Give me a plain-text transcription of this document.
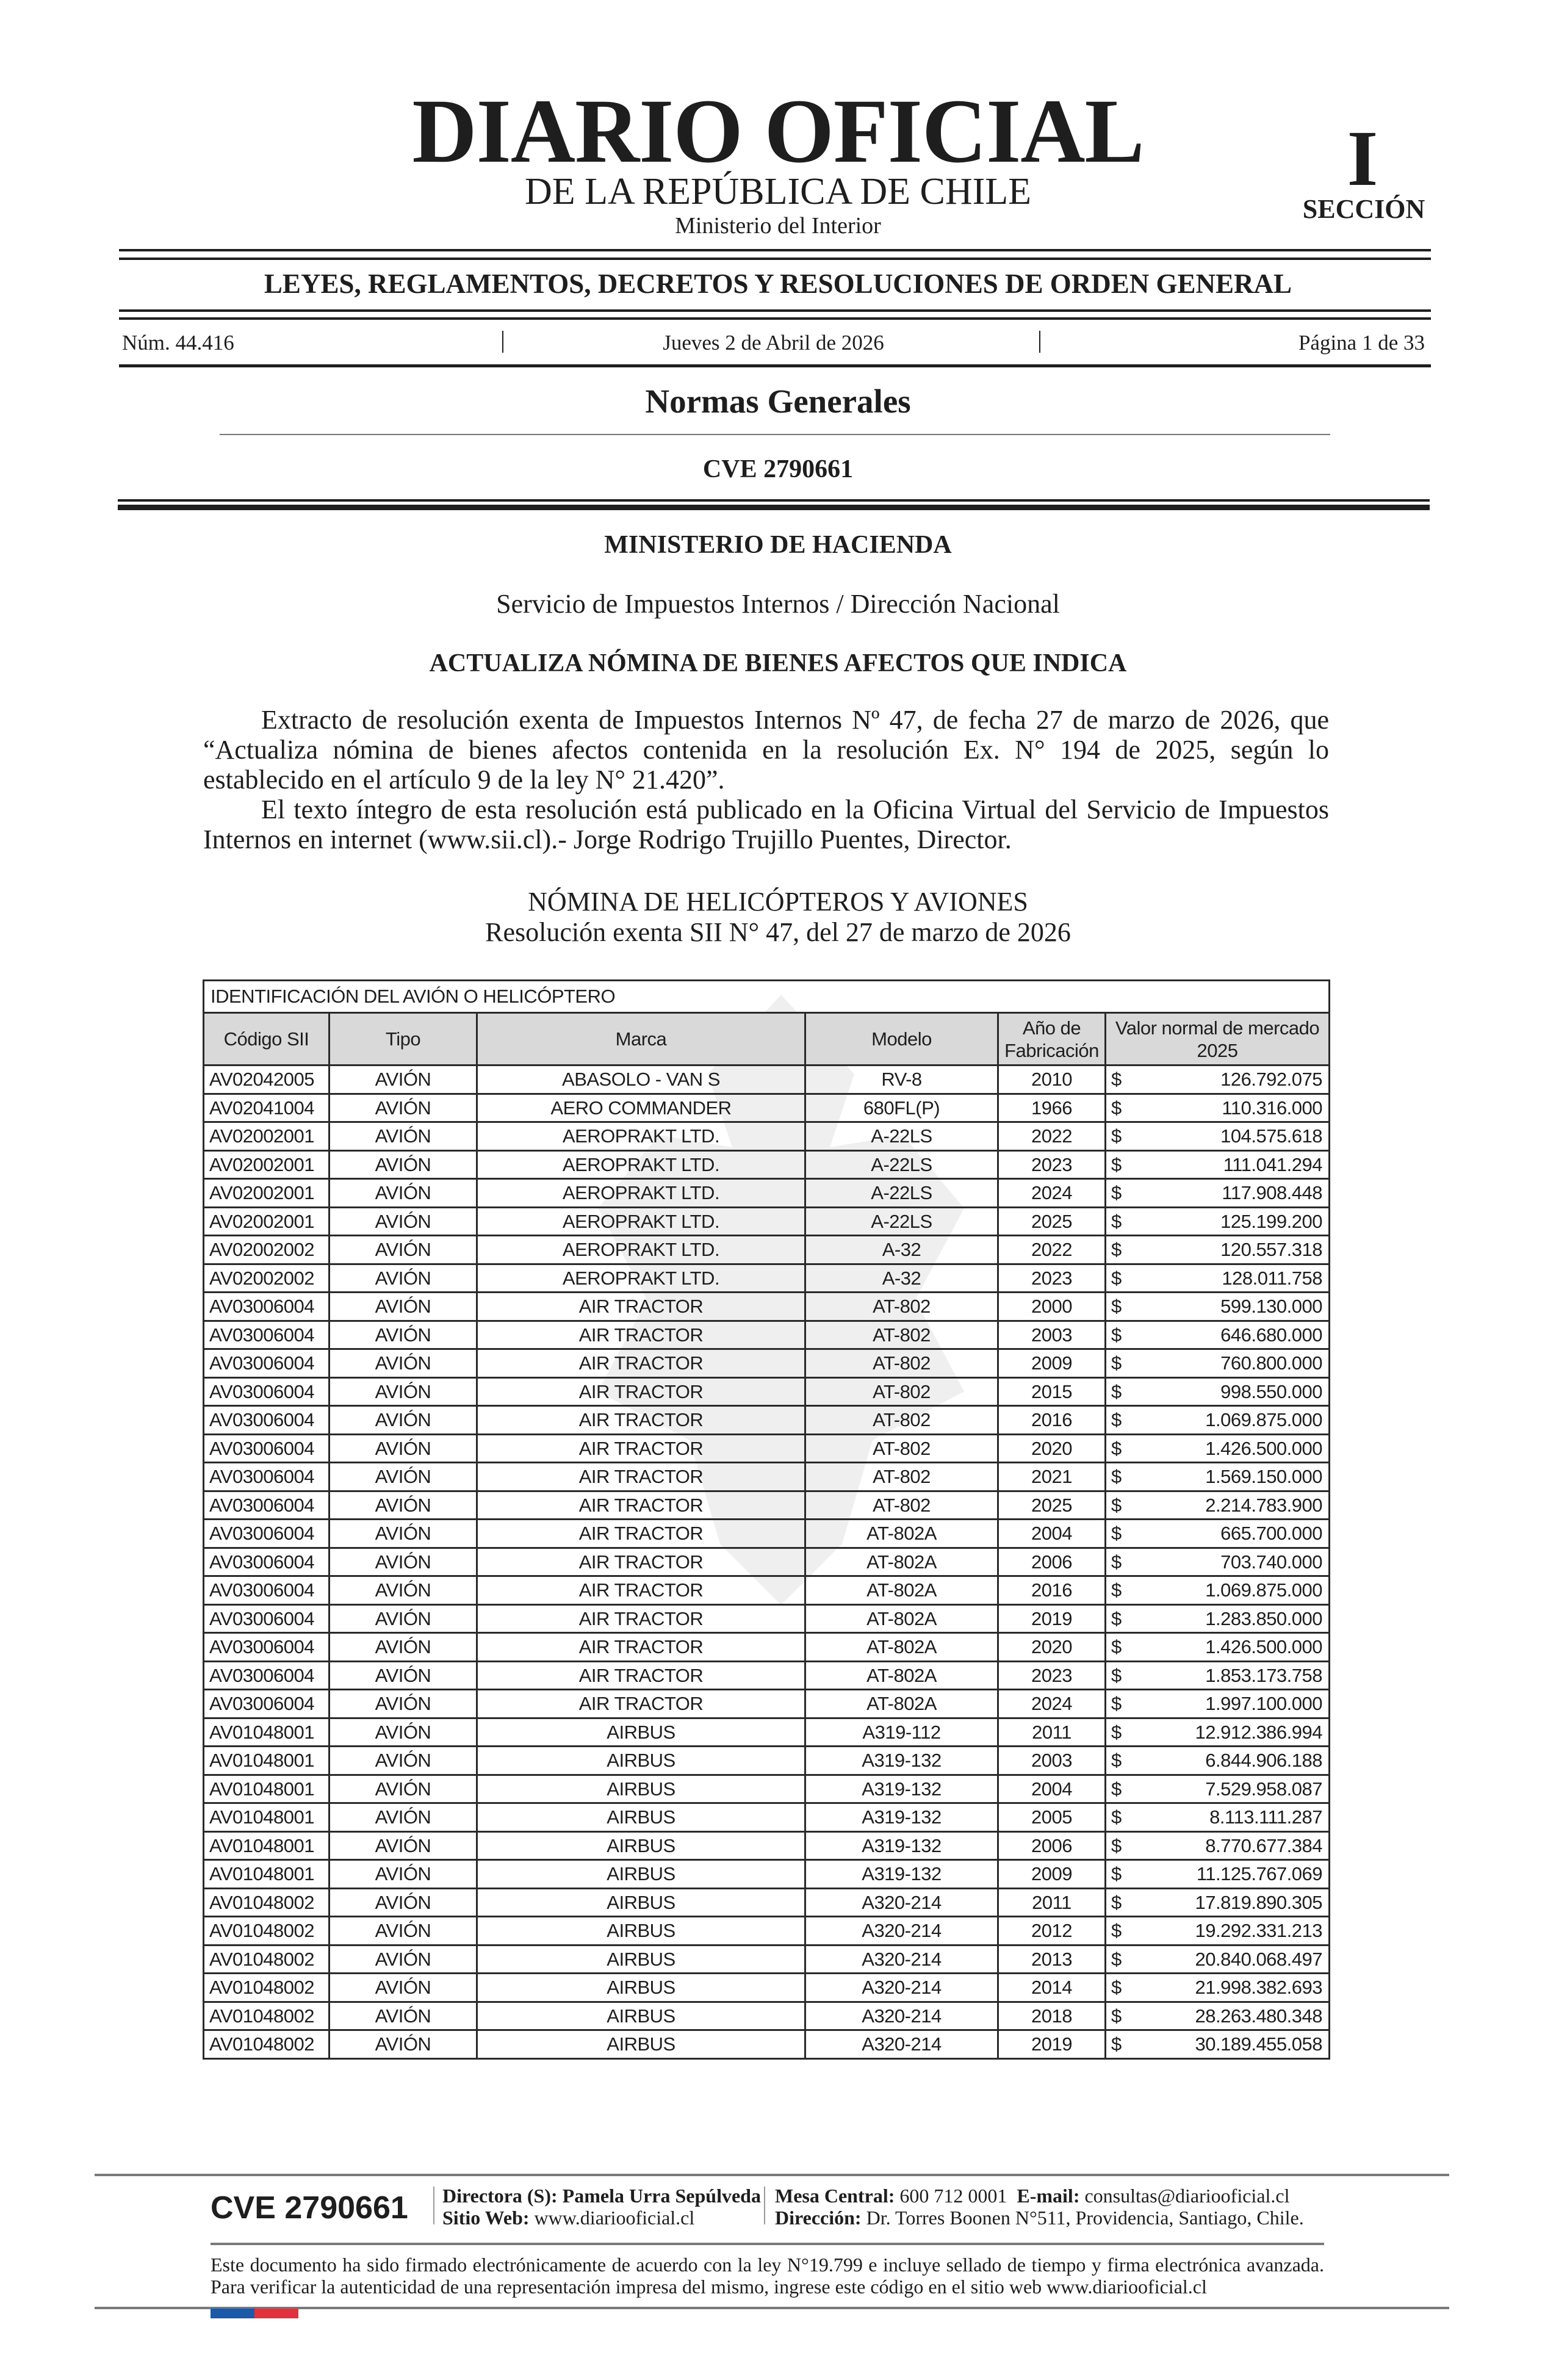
DIARIO OFICIAL
DE LA REPÚBLICA DE CHILE
Ministerio del Interior
I
SECCIÓN
LEYES, REGLAMENTOS, DECRETOS Y RESOLUCIONES DE ORDEN GENERAL
Núm. 44.416	Jueves 2 de Abril de 2026	Página 1 de 33
Normas Generales
CVE 2790661
MINISTERIO DE HACIENDA
Servicio de Impuestos Internos / Dirección Nacional
ACTUALIZA NÓMINA DE BIENES AFECTOS QUE INDICA

Extracto de resolución exenta de Impuestos Internos Nº 47, de fecha 27 de marzo de 2026, que “Actualiza nómina de bienes afectos contenida en la resolución Ex. N° 194 de 2025, según lo establecido en el artículo 9 de la ley N° 21.420”.

El texto íntegro de esta resolución está publicado en la Oficina Virtual del Servicio de Impuestos Internos en internet (www.sii.cl).- Jorge Rodrigo Trujillo Puentes, Director.

NÓMINA DE HELICÓPTEROS Y AVIONES
Resolución exenta SII N° 47, del 27 de marzo de 2026
IDENTIFICACIÓN DEL AVIÓN O HELICÓPTERO					
Código SII	Tipo	Marca	Modelo	Año de Fabricación	Valor normal de mercado 2025
AV02042005	AVIÓN	ABASOLO - VAN S	RV-8	2010	$ 126.792.075

AV02041004	AVIÓN	AERO COMMANDER	680FL(P)	1966	$ 110.316.000

AV02002001	AVIÓN	AEROPRAKT LTD.	A-22LS	2022	$ 104.575.618

AV02002001	AVIÓN	AEROPRAKT LTD.	A-22LS	2023	$ 111.041.294

AV02002001	AVIÓN	AEROPRAKT LTD.	A-22LS	2024	$ 117.908.448

AV02002001	AVIÓN	AEROPRAKT LTD.	A-22LS	2025	$ 125.199.200

AV02002002	AVIÓN	AEROPRAKT LTD.	A-32	2022	$ 120.557.318

AV02002002	AVIÓN	AEROPRAKT LTD.	A-32	2023	$ 128.011.758

AV03006004	AVIÓN	AIR TRACTOR	AT-802	2000	$ 599.130.000

AV03006004	AVIÓN	AIR TRACTOR	AT-802	2003	$ 646.680.000

AV03006004	AVIÓN	AIR TRACTOR	AT-802	2009	$ 760.800.000

AV03006004	AVIÓN	AIR TRACTOR	AT-802	2015	$ 998.550.000

AV03006004	AVIÓN	AIR TRACTOR	AT-802	2016	$ 1.069.875.000

AV03006004	AVIÓN	AIR TRACTOR	AT-802	2020	$ 1.426.500.000

AV03006004	AVIÓN	AIR TRACTOR	AT-802	2021	$ 1.569.150.000

AV03006004	AVIÓN	AIR TRACTOR	AT-802	2025	$ 2.214.783.900

AV03006004	AVIÓN	AIR TRACTOR	AT-802A	2004	$ 665.700.000

AV03006004	AVIÓN	AIR TRACTOR	AT-802A	2006	$ 703.740.000

AV03006004	AVIÓN	AIR TRACTOR	AT-802A	2016	$ 1.069.875.000

AV03006004	AVIÓN	AIR TRACTOR	AT-802A	2019	$ 1.283.850.000

AV03006004	AVIÓN	AIR TRACTOR	AT-802A	2020	$ 1.426.500.000

AV03006004	AVIÓN	AIR TRACTOR	AT-802A	2023	$ 1.853.173.758

AV03006004	AVIÓN	AIR TRACTOR	AT-802A	2024	$ 1.997.100.000

AV01048001	AVIÓN	AIRBUS	A319-112	2011	$ 12.912.386.994

AV01048001	AVIÓN	AIRBUS	A319-132	2003	$ 6.844.906.188

AV01048001	AVIÓN	AIRBUS	A319-132	2004	$ 7.529.958.087

AV01048001	AVIÓN	AIRBUS	A319-132	2005	$ 8.113.111.287

AV01048001	AVIÓN	AIRBUS	A319-132	2006	$ 8.770.677.384

AV01048001	AVIÓN	AIRBUS	A319-132	2009	$ 11.125.767.069

AV01048002	AVIÓN	AIRBUS	A320-214	2011	$ 17.819.890.305

AV01048002	AVIÓN	AIRBUS	A320-214	2012	$ 19.292.331.213

AV01048002	AVIÓN	AIRBUS	A320-214	2013	$ 20.840.068.497

AV01048002	AVIÓN	AIRBUS	A320-214	2014	$ 21.998.382.693

AV01048002	AVIÓN	AIRBUS	A320-214	2018	$ 28.263.480.348

AV01048002	AVIÓN	AIRBUS	A320-214	2019	$ 30.189.455.058
CVE 2790661 Directora (S): Pamela Urra Sepúlveda
Sitio Web: www.diariooficial.cl
Mesa Central: 600 712 0001 E-mail: consultas@diariooficial.cl
Dirección: Dr. Torres Boonen N°511, Providencia, Santiago, Chile.
Este documento ha sido firmado electrónicamente de acuerdo con la ley N°19.799 e incluye sellado de tiempo y firma electrónica avanzada. Para verificar la autenticidad de una representación impresa del mismo, ingrese este código en el sitio web www.diariooficial.cl
